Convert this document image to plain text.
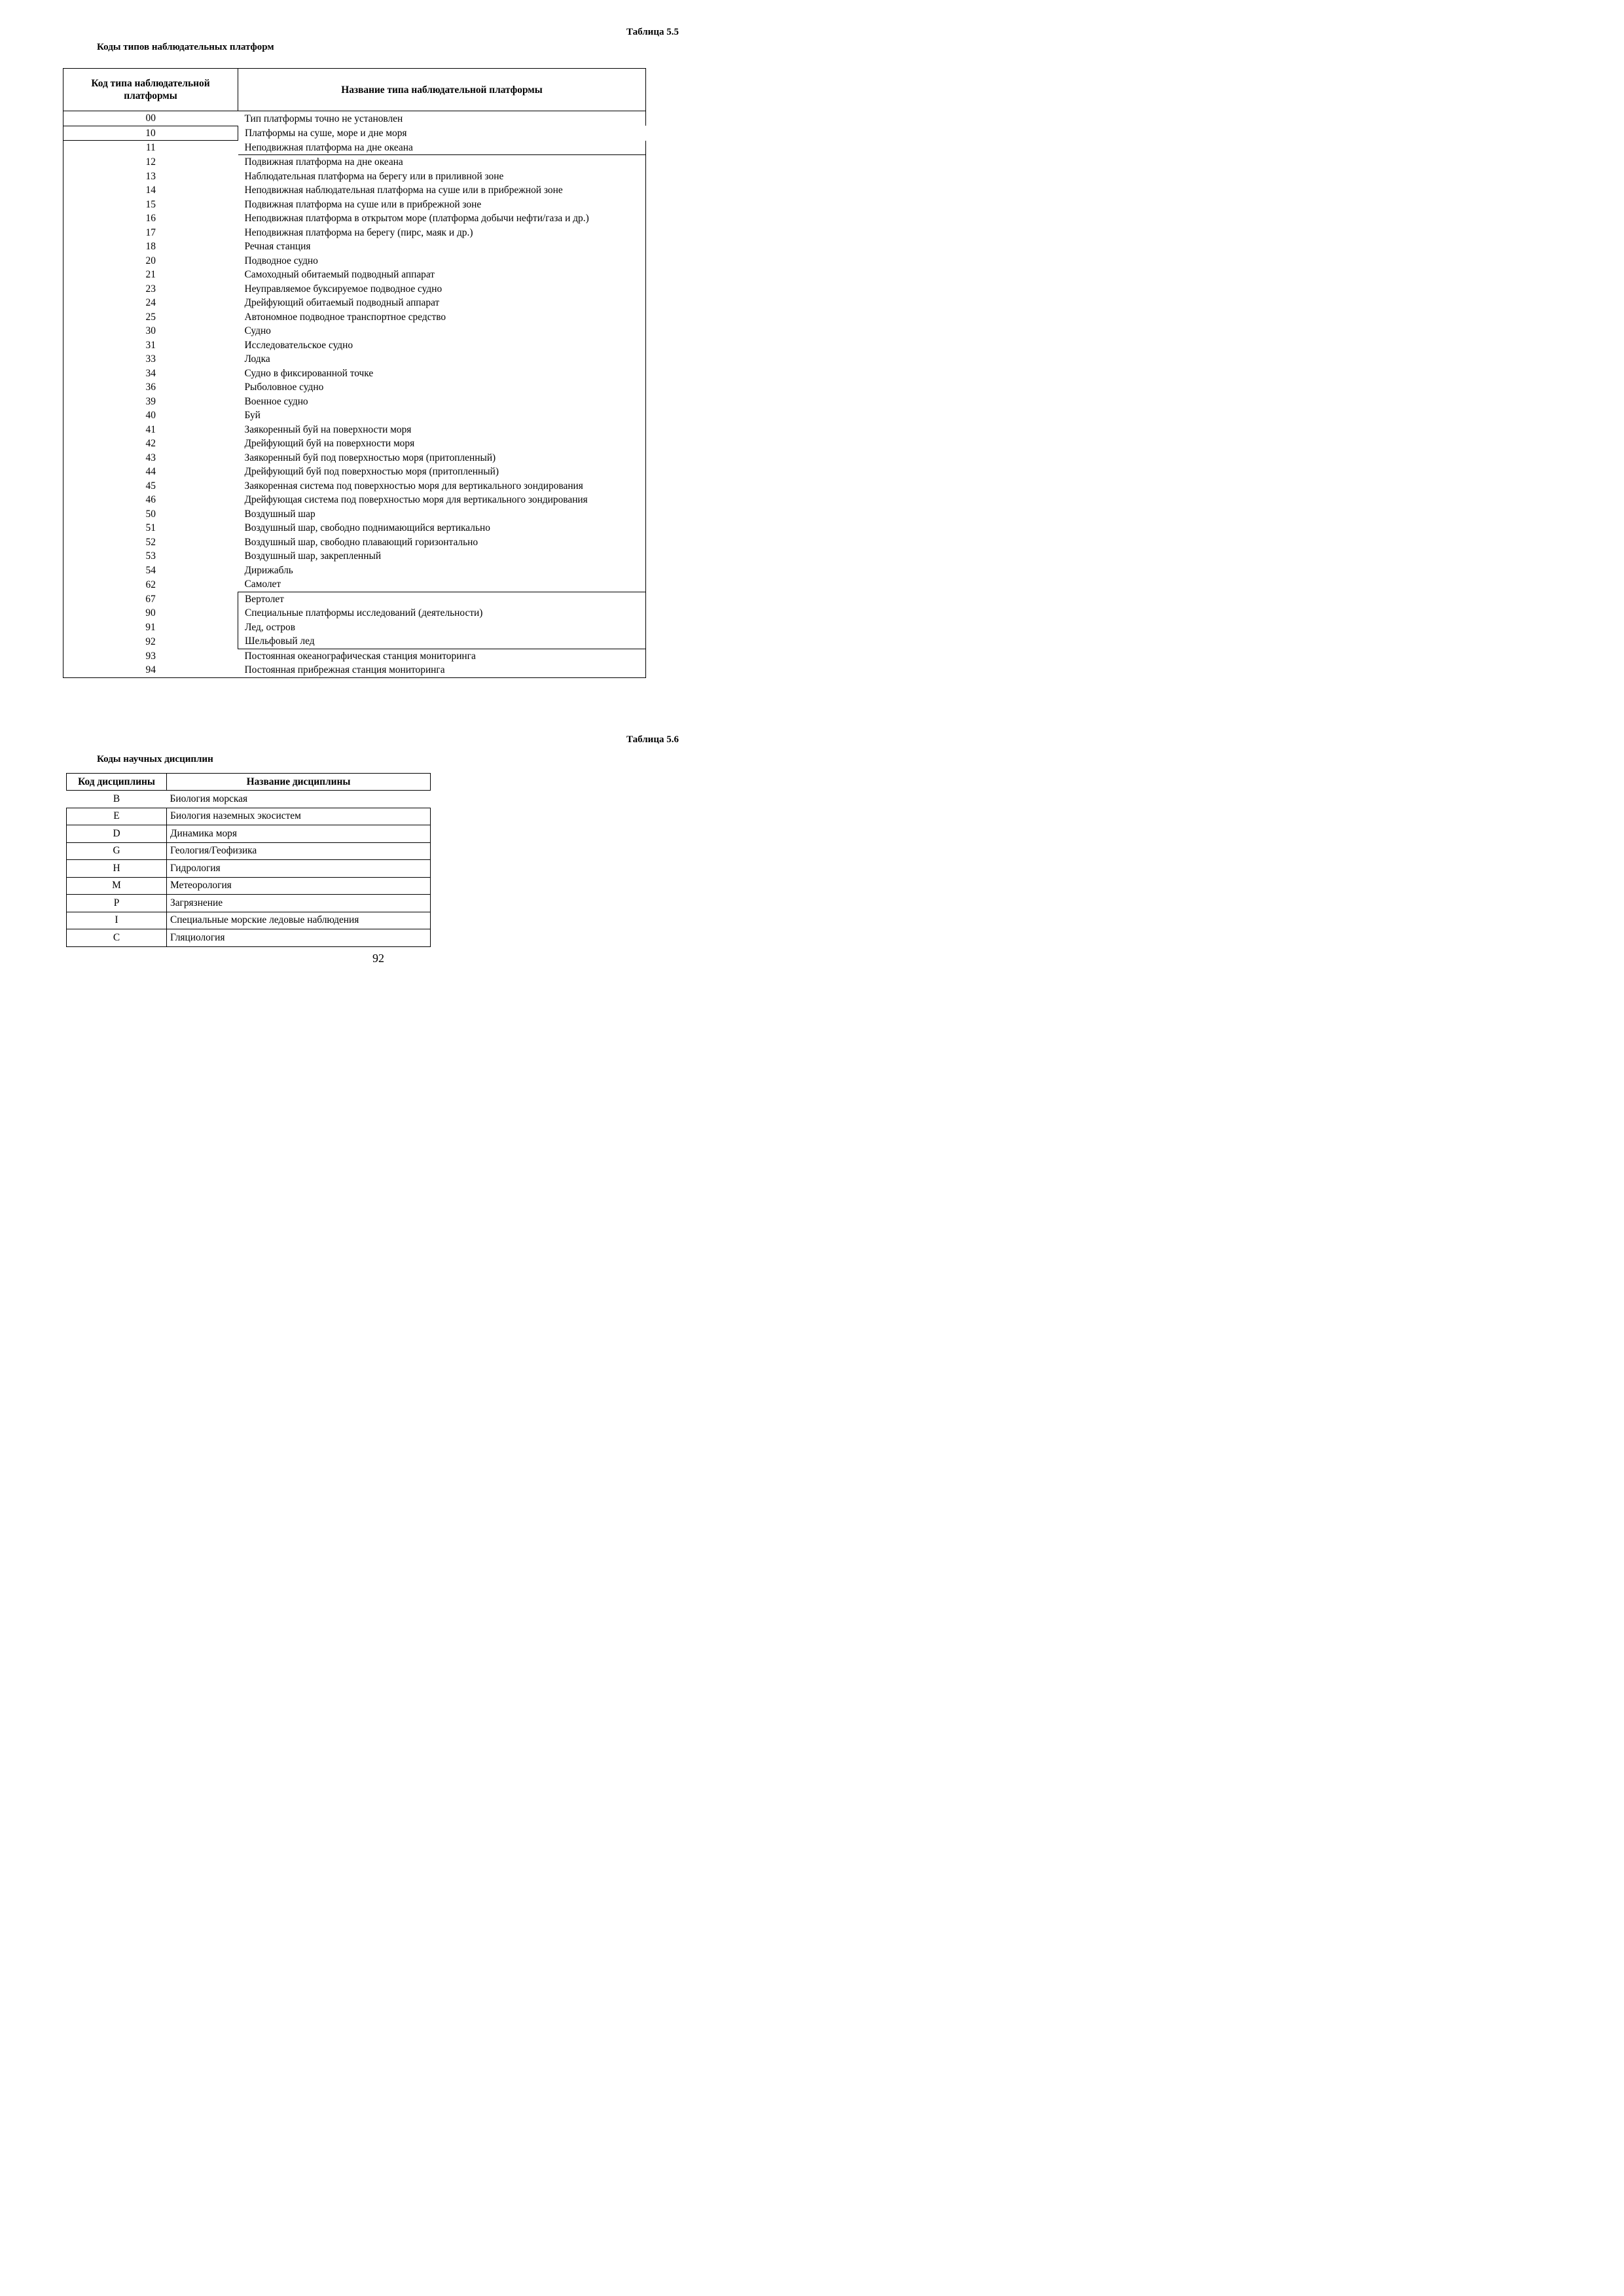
Таблица 5.5
Коды типов наблюдательных платформ
Код типа наблюдательной платформы	Название типа наблюдательной платформы
00	Тип платформы точно не установлен
10	Платформы на суше, море и дне моря
11	Неподвижная платформа на дне океана
12	Подвижная платформа на дне океана
13	Наблюдательная платформа на берегу или в приливной зоне
14	Неподвижная наблюдательная платформа на суше или в прибрежной зоне
15	Подвижная платформа на суше или в прибрежной зоне
16	Неподвижная платформа в открытом море (платформа добычи нефти/газа и др.)
17	Неподвижная платформа на берегу (пирс, маяк и др.)
18	Речная станция
20	Подводное судно
21	Самоходный обитаемый подводный аппарат
23	Неуправляемое буксируемое подводное судно
24	Дрейфующий обитаемый подводный аппарат
25	Автономное подводное транспортное средство
30	Судно
31	Исследовательское судно
33	Лодка
34	Судно в фиксированной точке
36	Рыболовное судно
39	Военное судно
40	Буй
41	Заякоренный буй на поверхности моря
42	Дрейфующий буй на поверхности моря
43	Заякоренный буй под поверхностью моря (притопленный)
44	Дрейфующий буй под поверхностью моря (притопленный)
45	Заякоренная система под поверхностью моря для вертикального зондирования
46	Дрейфующая система под поверхностью моря для вертикального зондирования
50	Воздушный шар
51	Воздушный шар, свободно поднимающийся вертикально
52	Воздушный шар, свободно плавающий горизонтально
53	Воздушный шар, закрепленный
54	Дирижабль
62	Самолет
67	Вертолет
90	Специальные платформы исследований (деятельности)
91	Лед, остров
92	Шельфовый лед
93	Постоянная океанографическая станция мониторинга
94	Постоянная прибрежная станция мониторинга
Таблица 5.6
Коды научных дисциплин
Код дисциплины	Название дисциплины
B	Биология морская
E	Биология наземных экосистем
D	Динамика моря
G	Геология/Геофизика
H	Гидрология
M	Метеорология
P	Загрязнение
I	Специальные морские ледовые наблюдения
C	Гляциология
92
